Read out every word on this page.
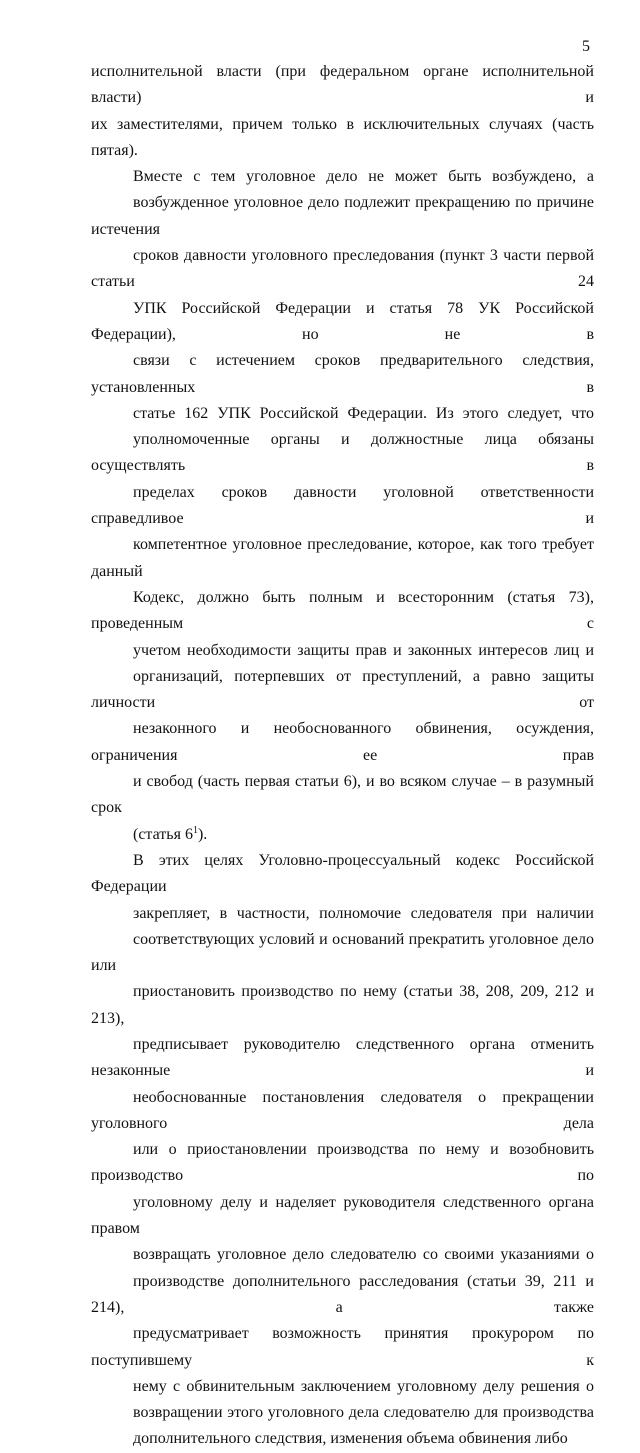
5

исполнительной власти (при федеральном органе исполнительной власти) и
их заместителями, причем только в исключительных случаях (часть пятая).

Вместе с тем уголовное дело не может быть возбуждено, а
возбужденное уголовное дело подлежит прекращению по причине истечения
сроков давности уголовного преследования (пункт 3 части первой статьи 24
УПК Российской Федерации и статья 78 УК Российской Федерации), но не в
связи с истечением сроков предварительного следствия, установленных в
статье 162 УПК Российской Федерации. Из этого следует, что
уполномоченные органы и должностные лица обязаны осуществлять в
пределах сроков давности уголовной ответственности справедливое и
компетентное уголовное преследование, которое, как того требует данный
Кодекс, должно быть полным и всесторонним (статья 73), проведенным с
учетом необходимости защиты прав и законных интересов лиц и
организаций, потерпевших от преступлений, а равно защиты личности от
незаконного и необоснованного обвинения, осуждения, ограничения ее прав
и свобод (часть первая статьи 6), и во всяком случае – в разумный срок
(статья $6^1$).

В этих целях Уголовно-процессуальный кодекс Российской Федерации
закрепляет, в частности, полномочие следователя при наличии
соответствующих условий и оснований прекратить уголовное дело или
приостановить производство по нему (статьи 38, 208, 209, 212 и 213),
предписывает руководителю следственного органа отменить незаконные и
необоснованные постановления следователя о прекращении уголовного дела
или о приостановлении производства по нему и возобновить производство по
уголовному делу и наделяет руководителя следственного органа правом
возвращать уголовное дело следователю со своими указаниями о
производстве дополнительного расследования (статьи 39, 211 и 214), а также
предусматривает возможность принятия прокурором по поступившему к
нему с обвинительным заключением уголовному делу решения о
возвращении этого уголовного дела следователю для производства
дополнительного следствия, изменения объема обвинения либо
